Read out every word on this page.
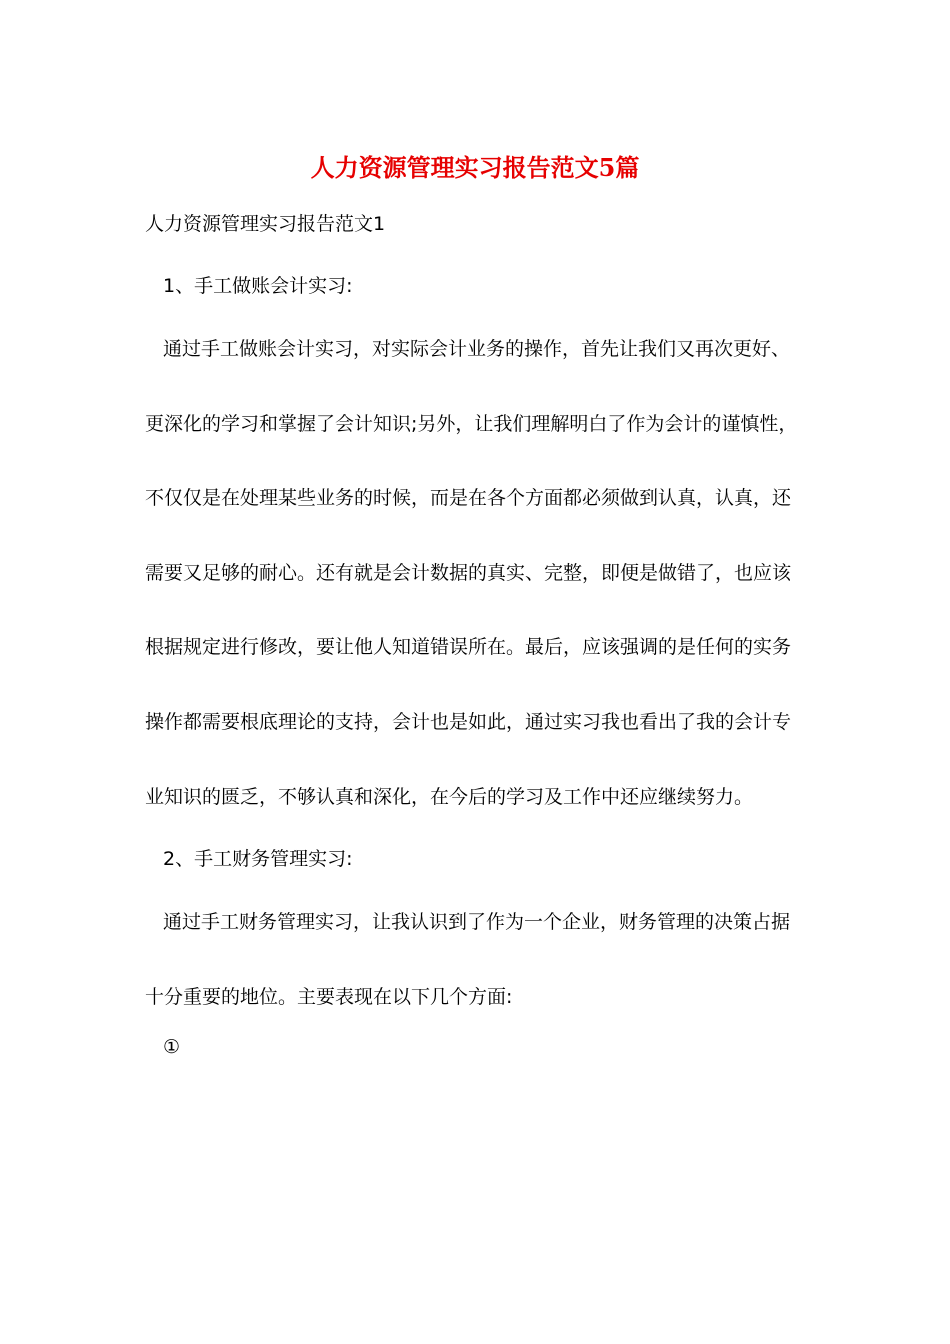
人力资源管理实习报告范文5篇
人力资源管理实习报告范文1
1、手工做账会计实习:
通过手工做账会计实习，对实际会计业务的操作，首先让我们又再次更好、
更深化的学习和掌握了会计知识;另外，让我们理解明白了作为会计的谨慎性，
不仅仅是在处理某些业务的时候，而是在各个方面都必须做到认真，认真，还
需要又足够的耐心。还有就是会计数据的真实、完整，即便是做错了，也应该
根据规定进行修改，要让他人知道错误所在。最后，应该强调的是任何的实务
操作都需要根底理论的支持，会计也是如此，通过实习我也看出了我的会计专
业知识的匮乏，不够认真和深化，在今后的学习及工作中还应继续努力。
2、手工财务管理实习:
通过手工财务管理实习，让我认识到了作为一个企业，财务管理的决策占据
十分重要的地位。主要表现在以下几个方面:
①
